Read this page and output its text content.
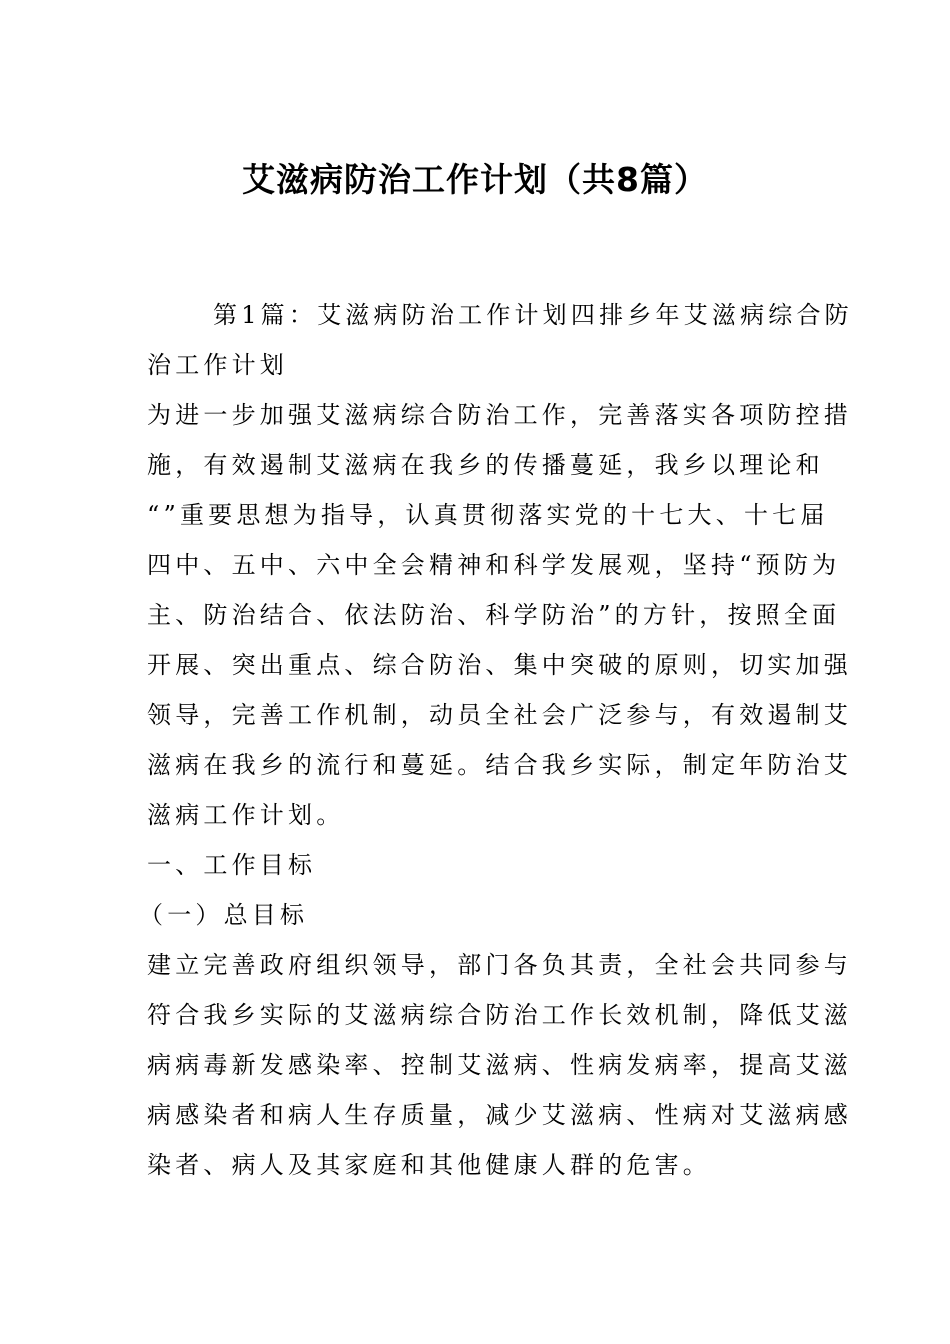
艾滋病防治工作计划（共8篇）
第1篇：艾滋病防治工作计划四排乡年艾滋病综合防
治工作计划
为进一步加强艾滋病综合防治工作，完善落实各项防控措
施，有效遏制艾滋病在我乡的传播蔓延，我乡以理论和
“”重要思想为指导，认真贯彻落实党的十七大、十七届
四中、五中、六中全会精神和科学发展观，坚持“预防为
主、防治结合、依法防治、科学防治”的方针，按照全面
开展、突出重点、综合防治、集中突破的原则，切实加强
领导，完善工作机制，动员全社会广泛参与，有效遏制艾
滋病在我乡的流行和蔓延。结合我乡实际，制定年防治艾
滋病工作计划。
一、工作目标
（一）总目标
建立完善政府组织领导，部门各负其责，全社会共同参与
符合我乡实际的艾滋病综合防治工作长效机制，降低艾滋
病病毒新发感染率、控制艾滋病、性病发病率，提高艾滋
病感染者和病人生存质量，减少艾滋病、性病对艾滋病感
染者、病人及其家庭和其他健康人群的危害。
